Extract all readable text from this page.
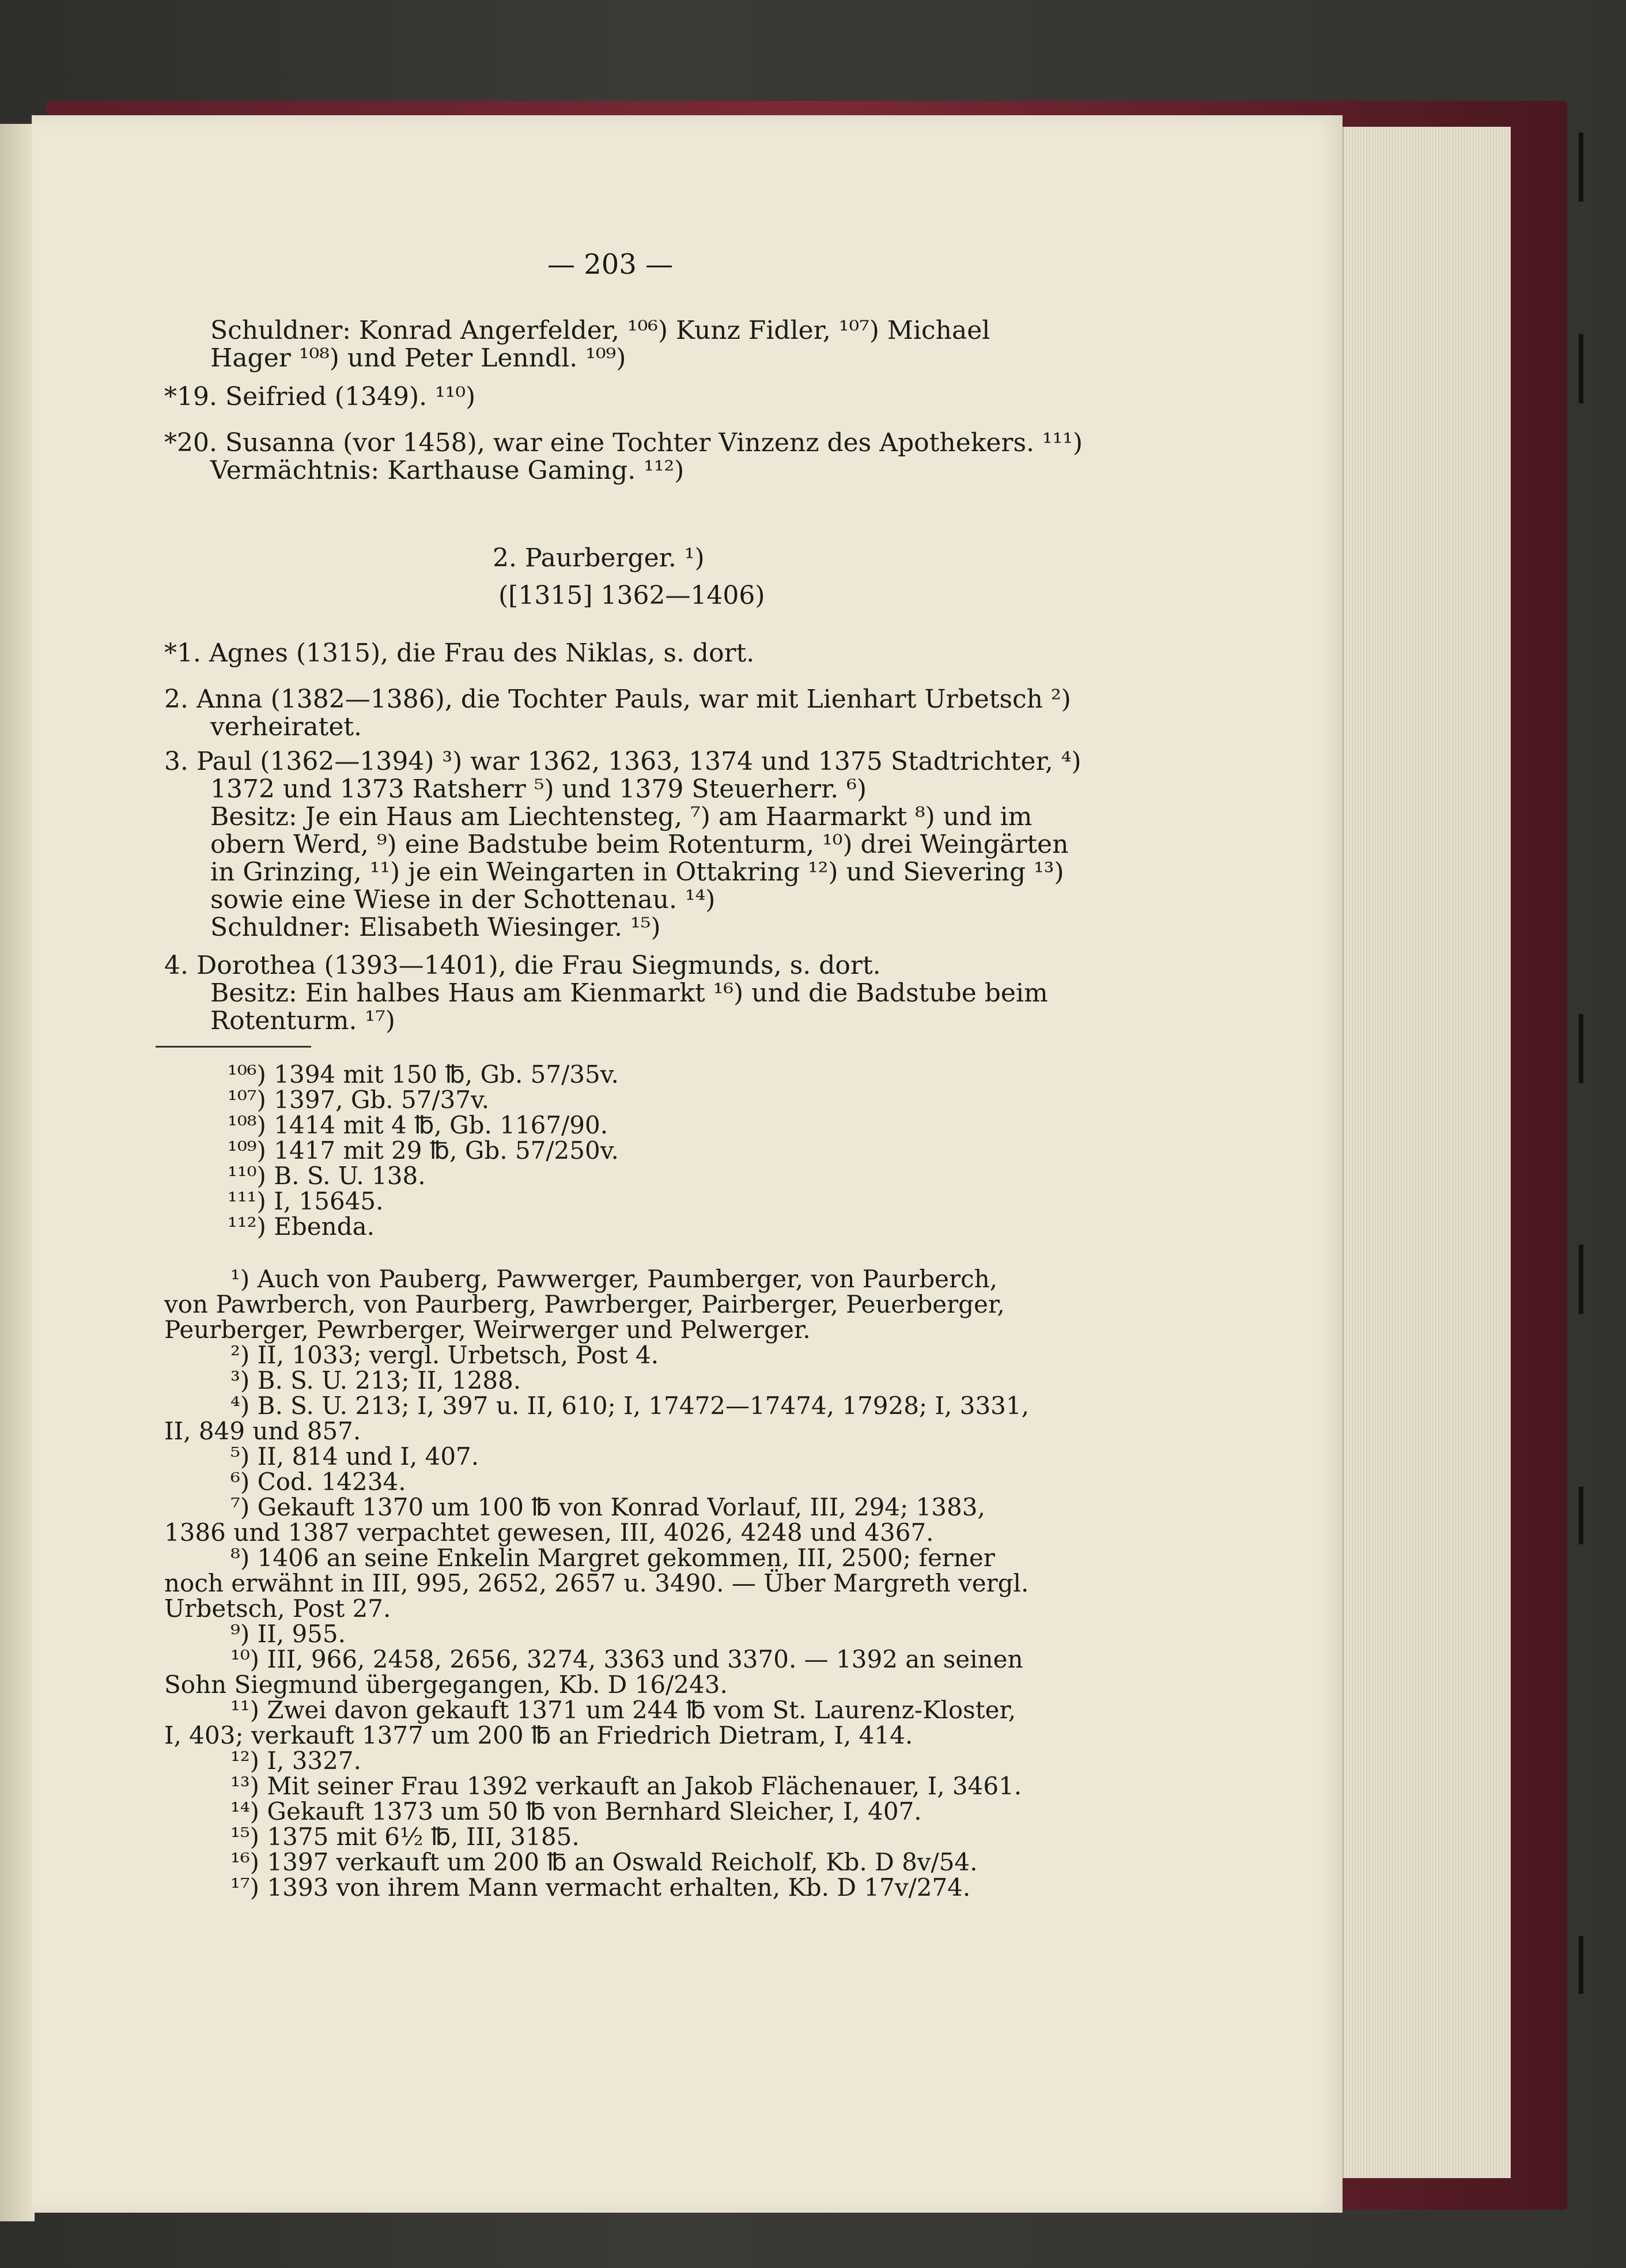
— 203 —
Schuldner: Konrad Angerfelder, ¹⁰⁶) Kunz Fidler, ¹⁰⁷) Michael
Hager ¹⁰⁸) und Peter Lenndl. ¹⁰⁹)
*19. Seifried (1349). ¹¹⁰)
*20. Susanna (vor 1458), war eine Tochter Vinzenz des Apothekers. ¹¹¹)
Vermächtnis: Karthause Gaming. ¹¹²)
2. Paurberger. ¹)
([1315] 1362—1406)
*1. Agnes (1315), die Frau des Niklas, s. dort.
2. Anna (1382—1386), die Tochter Pauls, war mit Lienhart Urbetsch ²)
verheiratet.
3. Paul (1362—1394) ³) war 1362, 1363, 1374 und 1375 Stadtrichter, ⁴)
1372 und 1373 Ratsherr ⁵) und 1379 Steuerherr. ⁶)
Besitz: Je ein Haus am Liechtensteg, ⁷) am Haarmarkt ⁸) und im
obern Werd, ⁹) eine Badstube beim Rotenturm, ¹⁰) drei Weingärten
in Grinzing, ¹¹) je ein Weingarten in Ottakring ¹²) und Sievering ¹³)
sowie eine Wiese in der Schottenau. ¹⁴)
Schuldner: Elisabeth Wiesinger. ¹⁵)
4. Dorothea (1393—1401), die Frau Siegmunds, s. dort.
Besitz: Ein halbes Haus am Kienmarkt ¹⁶) und die Badstube beim
Rotenturm. ¹⁷)
¹⁰⁶) 1394 mit 150 ℔, Gb. 57/35v.
¹⁰⁷) 1397, Gb. 57/37v.
¹⁰⁸) 1414 mit 4 ℔, Gb. 1167/90.
¹⁰⁹) 1417 mit 29 ℔, Gb. 57/250v.
¹¹⁰) B. S. U. 138.
¹¹¹) I, 15645.
¹¹²) Ebenda.
¹) Auch von Pauberg, Pawwerger, Paumberger, von Paurberch,
von Pawrberch, von Paurberg, Pawrberger, Pairberger, Peuerberger,
Peurberger, Pewrberger, Weirwerger und Pelwerger.
²) II, 1033; vergl. Urbetsch, Post 4.
³) B. S. U. 213; II, 1288.
⁴) B. S. U. 213; I, 397 u. II, 610; I, 17472—17474, 17928; I, 3331,
II, 849 und 857.
⁵) II, 814 und I, 407.
⁶) Cod. 14234.
⁷) Gekauft 1370 um 100 ℔ von Konrad Vorlauf, III, 294; 1383,
1386 und 1387 verpachtet gewesen, III, 4026, 4248 und 4367.
⁸) 1406 an seine Enkelin Margret gekommen, III, 2500; ferner
noch erwähnt in III, 995, 2652, 2657 u. 3490. — Über Margreth vergl.
Urbetsch, Post 27.
⁹) II, 955.
¹⁰) III, 966, 2458, 2656, 3274, 3363 und 3370. — 1392 an seinen
Sohn Siegmund übergegangen, Kb. D 16/243.
¹¹) Zwei davon gekauft 1371 um 244 ℔ vom St. Laurenz-Kloster,
I, 403; verkauft 1377 um 200 ℔ an Friedrich Dietram, I, 414.
¹²) I, 3327.
¹³) Mit seiner Frau 1392 verkauft an Jakob Flächenauer, I, 3461.
¹⁴) Gekauft 1373 um 50 ℔ von Bernhard Sleicher, I, 407.
¹⁵) 1375 mit 6½ ℔, III, 3185.
¹⁶) 1397 verkauft um 200 ℔ an Oswald Reicholf, Kb. D 8v/54.
¹⁷) 1393 von ihrem Mann vermacht erhalten, Kb. D 17v/274.
